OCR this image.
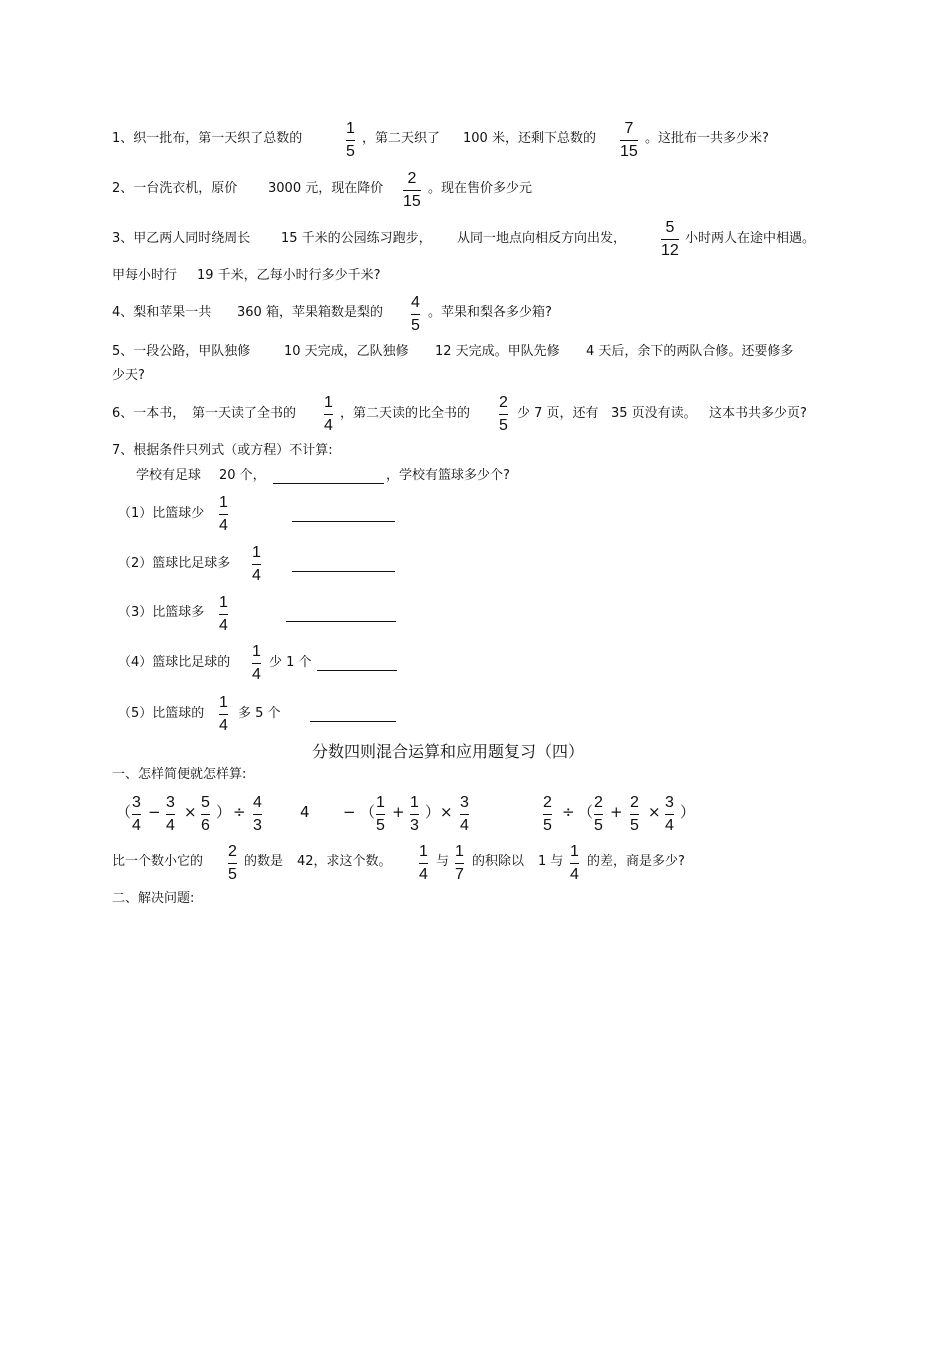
1、织一批布，第一天织了总数的
1
5
，第二天织了 100 米，还剩下总数的
7
15
。这批布一共多少米?
2、一台洗衣机，原价 3000 元，现在降价
2
15
。现在售价多少元
3、甲乙两人同时绕周长 15 千米的公园练习跑步， 从同一地点向相反方向出发，
5
12
小时两人在途中相遇。
甲每小时行 19 千米，乙每小时行多少千米?
4、梨和苹果一共 360 箱，苹果箱数是梨的
4
5
。苹果和梨各多少箱?
5、一段公路，甲队独修	10 天完成，乙队独修 12 天完成。甲队先修 4 天后，余下的两队合修。还要修多
少天?
6、一本书， 第一天读了全书的
1
4
，第二天读的比全书的
2
5
少 7 页，还有 35 页没有读。 这本书共多少页?
7、根据条件只列式（或方程）不计算:
学校有足球 20 个，	，学校有篮球多少个?
（1）比篮球少
1
4
（2）篮球比足球多
1
4
（3）比篮球多
1
4
（4）篮球比足球的
1
4
少 1 个
（5）比篮球的
1
4
多 5 个
分数四则混合运算和应用题复习（四）
一、怎样简便就怎样算:
（
3
4
−
3
4
×
5
6
） ÷
4
3
4 − （
1
5
+
1
3
） ×
3
4
2
5
÷ （
2
5
+
2
5
×
3
4
）
比一个数小它的
2
5
的数是 42，求这个数。
1
4
与
1
7
的积除以 1 与
1
4
的差，商是多少?
二、解决问题:
